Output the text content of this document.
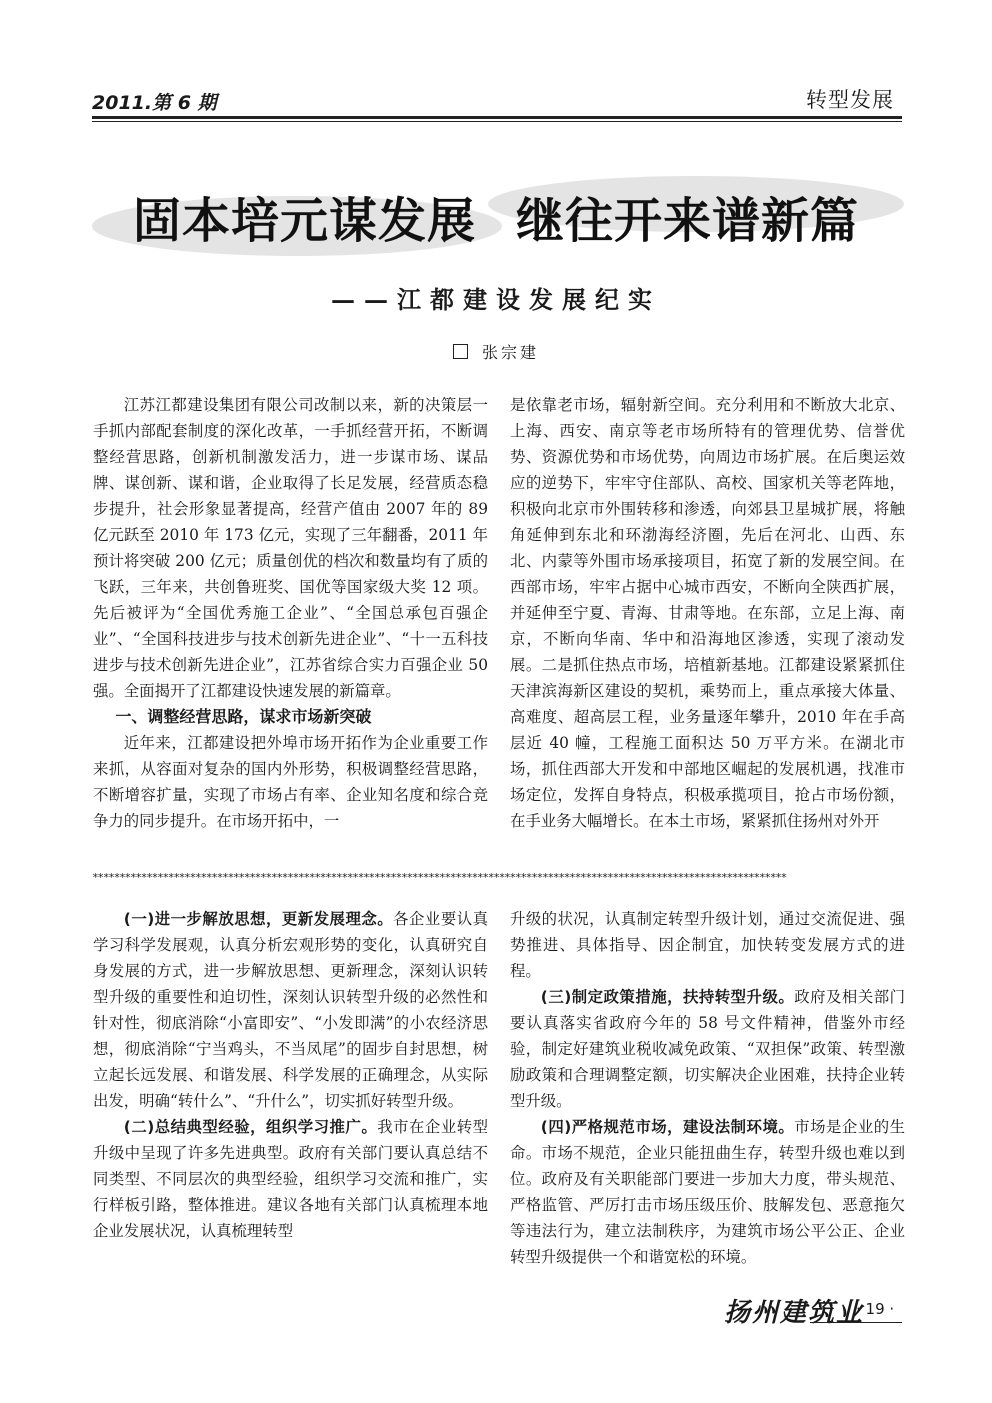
2011.第 6 期	转型发展
固本培元谋发展 继往开来谱新篇
——江都建设发展纪实
张宗建

江苏江都建设集团有限公司改制以来，新的决策层一手抓内部配套制度的深化改革，一手抓经营开拓，不断调整经营思路，创新机制激发活力，进一步谋市场、谋品牌、谋创新、谋和谐，企业取得了长足发展，经营质态稳步提升，社会形象显著提高，经营产值由 2007 年的 89 亿元跃至 2010 年 173 亿元，实现了三年翻番，2011 年预计将突破 200 亿元；质量创优的档次和数量均有了质的飞跃，三年来，共创鲁班奖、国优等国家级大奖 12 项。先后被评为“全国优秀施工企业”、“全国总承包百强企业”、“全国科技进步与技术创新先进企业”、“十一五科技进步与技术创新先进企业”，江苏省综合实力百强企业 50 强。全面揭开了江都建设快速发展的新篇章。

一、调整经营思路，谋求市场新突破

近年来，江都建设把外埠市场开拓作为企业重要工作来抓，从容面对复杂的国内外形势，积极调整经营思路，不断增容扩量，实现了市场占有率、企业知名度和综合竞争力的同步提升。在市场开拓中，一

是依靠老市场，辐射新空间。充分利用和不断放大北京、上海、西安、南京等老市场所特有的管理优势、信誉优势、资源优势和市场优势，向周边市场扩展。在后奥运效应的逆势下，牢牢守住部队、高校、国家机关等老阵地，积极向北京市外围转移和渗透，向郊县卫星城扩展，将触角延伸到东北和环渤海经济圈，先后在河北、山西、东北、内蒙等外围市场承接项目，拓宽了新的发展空间。在西部市场，牢牢占据中心城市西安，不断向全陕西扩展，并延伸至宁夏、青海、甘肃等地。在东部，立足上海、南京，不断向华南、华中和沿海地区渗透，实现了滚动发展。二是抓住热点市场，培植新基地。江都建设紧紧抓住天津滨海新区建设的契机，乘势而上，重点承接大体量、高难度、超高层工程，业务量逐年攀升，2010 年在手高层近 40 幢，工程施工面积达 50 万平方米。在湖北市场，抓住西部大开发和中部地区崛起的发展机遇，找准市场定位，发挥自身特点，积极承揽项目，抢占市场份额，在手业务大幅增长。在本土市场，紧紧抓住扬州对外开

********************************************************************************************************************************

(一)进一步解放思想，更新发展理念。各企业要认真学习科学发展观，认真分析宏观形势的变化，认真研究自身发展的方式，进一步解放思想、更新理念，深刻认识转型升级的重要性和迫切性，深刻认识转型升级的必然性和针对性，彻底消除“小富即安”、“小发即满”的小农经济思想，彻底消除“宁当鸡头，不当凤尾”的固步自封思想，树立起长远发展、和谐发展、科学发展的正确理念，从实际出发，明确“转什么”、“升什么”，切实抓好转型升级。

(二)总结典型经验，组织学习推广。我市在企业转型升级中呈现了许多先进典型。政府有关部门要认真总结不同类型、不同层次的典型经验，组织学习交流和推广，实行样板引路，整体推进。建议各地有关部门认真梳理本地企业发展状况，认真梳理转型

升级的状况，认真制定转型升级计划，通过交流促进、强势推进、具体指导、因企制宜，加快转变发展方式的进程。

(三)制定政策措施，扶持转型升级。政府及相关部门要认真落实省政府今年的 58 号文件精神，借鉴外市经验，制定好建筑业税收减免政策、“双担保”政策、转型激励政策和合理调整定额，切实解决企业困难，扶持企业转型升级。

(四)严格规范市场，建设法制环境。市场是企业的生命。市场不规范，企业只能扭曲生存，转型升级也难以到位。政府及有关职能部门要进一步加大力度，带头规范、严格监管、严厉打击市场压级压价、肢解发包、恶意拖欠等违法行为，建立法制秩序，为建筑市场公平公正、企业转型升级提供一个和谐宽松的环境。

扬州建筑业
· 19 ·
